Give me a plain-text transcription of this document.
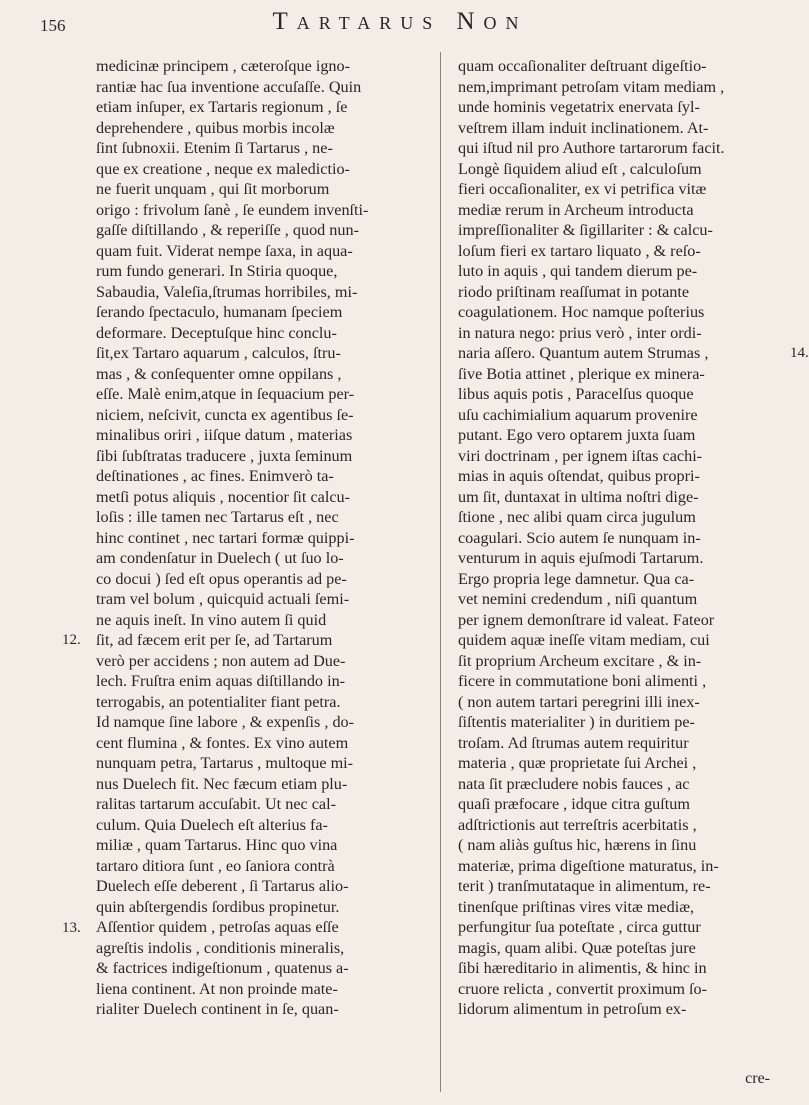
156	Tartarus Non
12.
13.
14.
medicinæ principem , cæteroſque igno-
rantiæ hac ſua inventione accuſaſſe. Quin
etiam inſuper, ex Tartaris regionum , ſe
deprehendere , quibus morbis incolæ
ſint ſubnoxii. Etenim ſi Tartarus , ne-
que ex creatione , neque ex maledictio-
ne fuerit unquam , qui ſit morborum
origo : frivolum ſanè , ſe eundem invenſti-
gaſſe diſtillando , & reperiſſe , quod nun-
quam fuit. Viderat nempe ſaxa, in aqua-
rum fundo generari. In Stiria quoque,
Sabaudia, Valeſia,ſtrumas horribiles, mi-
ſerando ſpectaculo, humanam ſpeciem
deformare. Deceptuſque hinc conclu-
ſit,ex Tartaro aquarum , calculos, ſtru-
mas , & conſequenter omne oppilans ,
eſſe. Malè enim,atque in ſequacium per-
niciem, neſcivit, cuncta ex agentibus ſe-
minalibus oriri , iiſque datum , materias
ſibi ſubſtratas traducere , juxta ſeminum
deſtinationes , ac fines. Enimverò ta-
metſi potus aliquis , nocentior ſit calcu-
loſis : ille tamen nec Tartarus eſt , nec
hinc continet , nec tartari formæ quippi-
am condenſatur in Duelech ( ut ſuo lo-
co docui ) ſed eſt opus operantis ad pe-
tram vel bolum , quicquid actuali ſemi-
ne aquis ineſt. In vino autem ſi quid
ſit, ad fæcem erit per ſe, ad Tartarum
verò per accidens ; non autem ad Due-
lech. Fruſtra enim aquas diſtillando in-
terrogabis, an potentialiter fiant petra.
Id namque ſine labore , & expenſis , do-
cent flumina , & fontes. Ex vino autem
nunquam petra, Tartarus , multoque mi-
nus Duelech fit. Nec fæcum etiam plu-
ralitas tartarum accuſabit. Ut nec cal-
culum. Quia Duelech eſt alterius fa-
miliæ , quam Tartarus. Hinc quo vina
tartaro ditiora ſunt , eo ſaniora contrà
Duelech eſſe deberent , ſi Tartarus alio-
quin abſtergendis ſordibus propinetur.
Aſſentior quidem , petroſas aquas eſſe
agreſtis indolis , conditionis mineralis,
& factrices indigeſtionum , quatenus a-
liena continent. At non proinde mate-
rialiter Duelech continent in ſe, quan-
quam occaſionaliter deſtruant digeſtio-
nem,imprimant petroſam vitam mediam ,
unde hominis vegetatrix enervata ſyl-
veſtrem illam induit inclinationem. At-
qui iſtud nil pro Authore tartarorum facit.
Longè ſiquidem aliud eſt , calculoſum
fieri occaſionaliter, ex vi petrifica vitæ
mediæ rerum in Archeum introducta
impreſſionaliter & ſigillariter : & calcu-
loſum fieri ex tartaro liquato , & reſo-
luto in aquis , qui tandem dierum pe-
riodo priſtinam reaſſumat in potante
coagulationem. Hoc namque poſterius
in natura nego: prius verò , inter ordi-
naria aſſero. Quantum autem Strumas ,
ſive Botia attinet , pleriquе ex minera-
libus aquis potis , Paracelſus quoque
uſu cachimialium aquarum provenire
putant. Ego vero optarem juxta ſuam
viri doctrinam , per ignem iſtas cachi-
mias in aquis oſtendat, quibus propri-
um ſit, duntaxat in ultima noſtri dige-
ſtione , nec alibi quam circa jugulum
coagulari. Scio autem ſe nunquam in-
venturum in aquis ejuſmodi Tartarum.
Ergo propria lege damnetur. Qua ca-
vet nemini credendum , niſi quantum
per ignem demonſtrare id valeat. Fateor
quidem aquæ ineſſe vitam mediam, cui
ſit proprium Archeum excitare , & in-
ficere in commutatione boni alimenti ,
( non autem tartari peregrini illi inex-
ſiſtentis materialiter ) in duritiem pe-
troſam. Ad ſtrumas autem requiritur
materia , quæ proprietate ſui Archei ,
nata ſit præcludere nobis fauces , ac
quaſi præfocare , idque citra guſtum
adſtrictionis aut terreſtris acerbitatis ,
( nam aliàs guſtus hic, hærens in ſinu
materiæ, prima digeſtione maturatus, in-
terit ) tranſmutataque in alimentum, re-
tinenſque priſtinas vires vitæ mediæ,
perfungitur ſua poteſtate , circa guttur
magis, quam alibi. Quæ poteſtas jure
ſibi hæreditario in alimentis, & hinc in
cruore relicta , convertit proximum ſo-
lidorum alimentum in petroſum ex-
cre-
